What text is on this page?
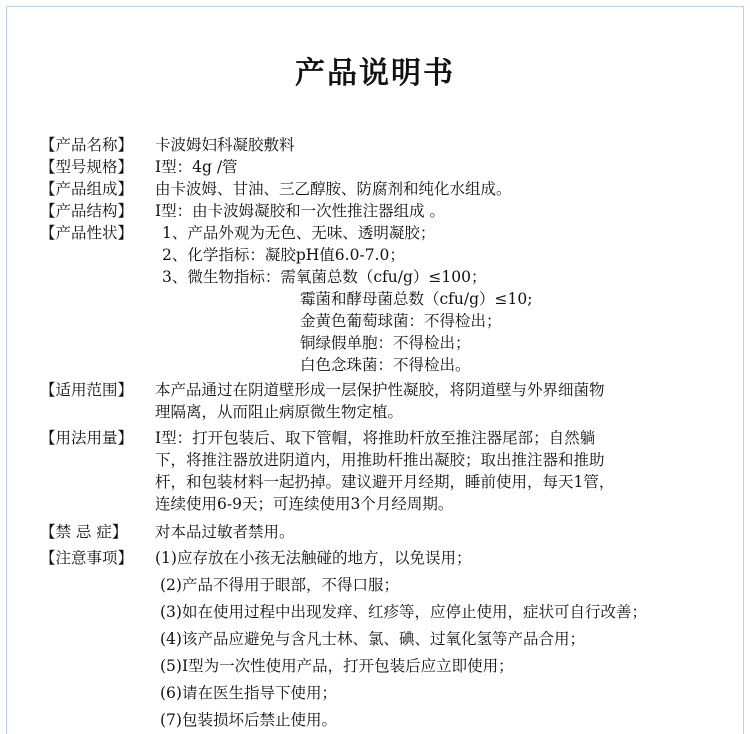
产品说明书
【产品名称】 卡波姆妇科凝胶敷料
【型号规格】 I型：4g /管
【产品组成】 由卡波姆、甘油、三乙醇胺、防腐剂和纯化水组成。
【产品结构】 I型：由卡波姆凝胶和一次性推注器组成 。
【产品性状】 1、产品外观为无色、无味、透明凝胶；
2、化学指标：凝胶pH值6.0-7.0；
3、微生物指标：需氧菌总数（cfu/g）≤100；
霉菌和酵母菌总数（cfu/g）≤10;
金黄色葡萄球菌：不得检出；
铜绿假单胞：不得检出；
白色念珠菌：不得检出。
【适用范围】 本产品通过在阴道壁形成一层保护性凝胶，将阴道壁与外界细菌物
理隔离，从而阻止病原微生物定植。
【用法用量】 I型：打开包装后、取下管帽，将推助杆放至推注器尾部；自然躺
下，将推注器放进阴道内，用推助杆推出凝胶；取出推注器和推助
杆，和包装材料一起扔掉。建议避开月经期，睡前使用，每天1管，
连续使用6-9天；可连续使用3个月经周期。
【禁 忌 症】 对本品过敏者禁用。
【注意事项】 (1)应存放在小孩无法触碰的地方，以免误用；
(2)产品不得用于眼部，不得口服；
(3)如在使用过程中出现发痒、红疹等，应停止使用，症状可自行改善；
(4)该产品应避免与含凡士林、氯、碘、过氧化氢等产品合用；
(5)I型为一次性使用产品，打开包装后应立即使用；
(6)请在医生指导下使用；
(7)包装损坏后禁止使用。
